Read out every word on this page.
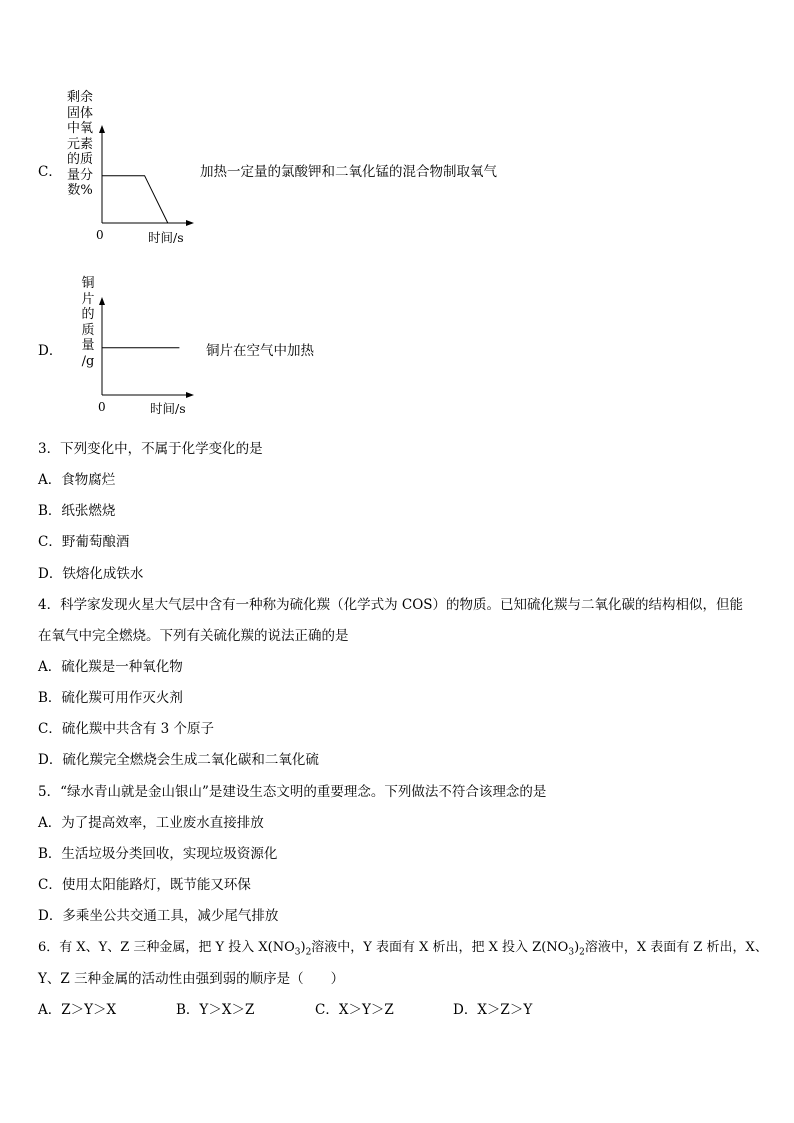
C．
剩余
固体
中氧
元素
的质
量分
数%
0	时间/s
加热一定量的氯酸钾和二氧化锰的混合物制取氧气
D．
铜
片
的
质
量
/g
0	时间/s
铜片在空气中加热
3．下列变化中，不属于化学变化的是
A．食物腐烂
B．纸张燃烧
C．野葡萄酿酒
D．铁熔化成铁水
4．科学家发现火星大气层中含有一种称为硫化羰（化学式为 COS）的物质。已知硫化羰与二氧化碳的结构相似，但能
在氧气中完全燃烧。下列有关硫化羰的说法正确的是
A．硫化羰是一种氧化物
B．硫化羰可用作灭火剂
C．硫化羰中共含有 3 个原子
D．硫化羰完全燃烧会生成二氧化碳和二氧化硫
5．“绿水青山就是金山银山”是建设生态文明的重要理念。下列做法不符合该理念的是
A．为了提高效率，工业废水直接排放
B．生活垃圾分类回收，实现垃圾资源化
C．使用太阳能路灯，既节能又环保
D．多乘坐公共交通工具，减少尾气排放
6．有 X、Y、Z 三种金属，把 Y 投入 $X(NO_3)_2$溶液中，Y 表面有 X 析出，把 X 投入 $Z(NO_3)_2$溶液中，X 表面有 Z 析出，X、
Y、Z 三种金属的活动性由强到弱的顺序是（　　）
A．Z＞Y＞X	B．Y＞X＞Z	C．X＞Y＞Z	D．X＞Z＞Y
